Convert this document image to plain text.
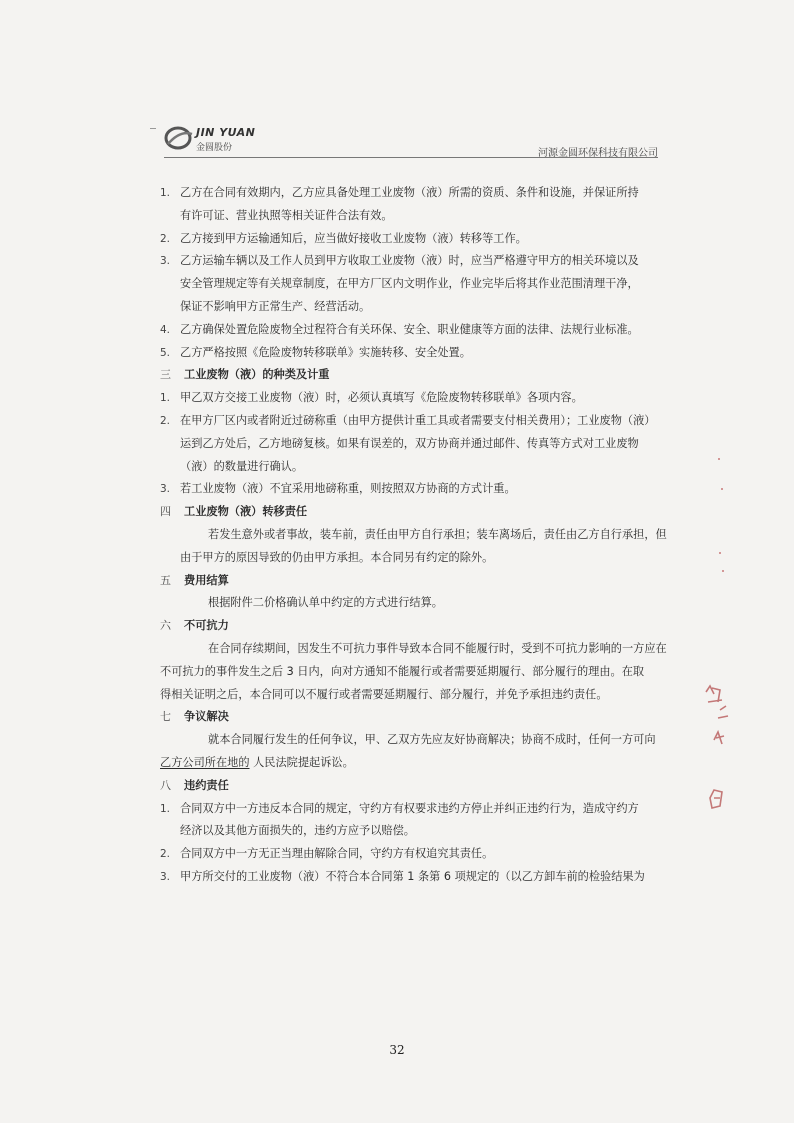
JIN YUAN
金圆股份	河源金圆环保科技有限公司
1. 乙方在合同有效期内，乙方应具备处理工业废物（液）所需的资质、条件和设施，并保证所持
有许可证、营业执照等相关证件合法有效。
2. 乙方接到甲方运输通知后，应当做好接收工业废物（液）转移等工作。
3. 乙方运输车辆以及工作人员到甲方收取工业废物（液）时，应当严格遵守甲方的相关环境以及
安全管理规定等有关规章制度，在甲方厂区内文明作业，作业完毕后将其作业范围清理干净，
保证不影响甲方正常生产、经营活动。
4. 乙方确保处置危险废物全过程符合有关环保、安全、职业健康等方面的法律、法规行业标准。
5. 乙方严格按照《危险废物转移联单》实施转移、安全处置。
三	工业废物（液）的种类及计重
1. 甲乙双方交接工业废物（液）时，必须认真填写《危险废物转移联单》各项内容。
2. 在甲方厂区内或者附近过磅称重（由甲方提供计重工具或者需要支付相关费用）；工业废物（液）
运到乙方处后，乙方地磅复核。如果有误差的，双方协商并通过邮件、传真等方式对工业废物
（液）的数量进行确认。
3. 若工业废物（液）不宜采用地磅称重，则按照双方协商的方式计重。
四	工业废物（液）转移责任
若发生意外或者事故，装车前，责任由甲方自行承担；装车离场后，责任由乙方自行承担，但
由于甲方的原因导致的仍由甲方承担。本合同另有约定的除外。
五	费用结算
根据附件二价格确认单中约定的方式进行结算。
六	不可抗力
在合同存续期间，因发生不可抗力事件导致本合同不能履行时，受到不可抗力影响的一方应在
不可抗力的事件发生之后 3 日内，向对方通知不能履行或者需要延期履行、部分履行的理由。在取
得相关证明之后，本合同可以不履行或者需要延期履行、部分履行，并免予承担违约责任。
七	争议解决
就本合同履行发生的任何争议，甲、乙双方先应友好协商解决；协商不成时，任何一方可向
乙方公司所在地的 人民法院提起诉讼。
八	违约责任
1. 合同双方中一方违反本合同的规定，守约方有权要求违约方停止并纠正违约行为，造成守约方
经济以及其他方面损失的，违约方应予以赔偿。
2. 合同双方中一方无正当理由解除合同，守约方有权追究其责任。
3. 甲方所交付的工业废物（液）不符合本合同第 1 条第 6 项规定的（以乙方卸车前的检验结果为
32
